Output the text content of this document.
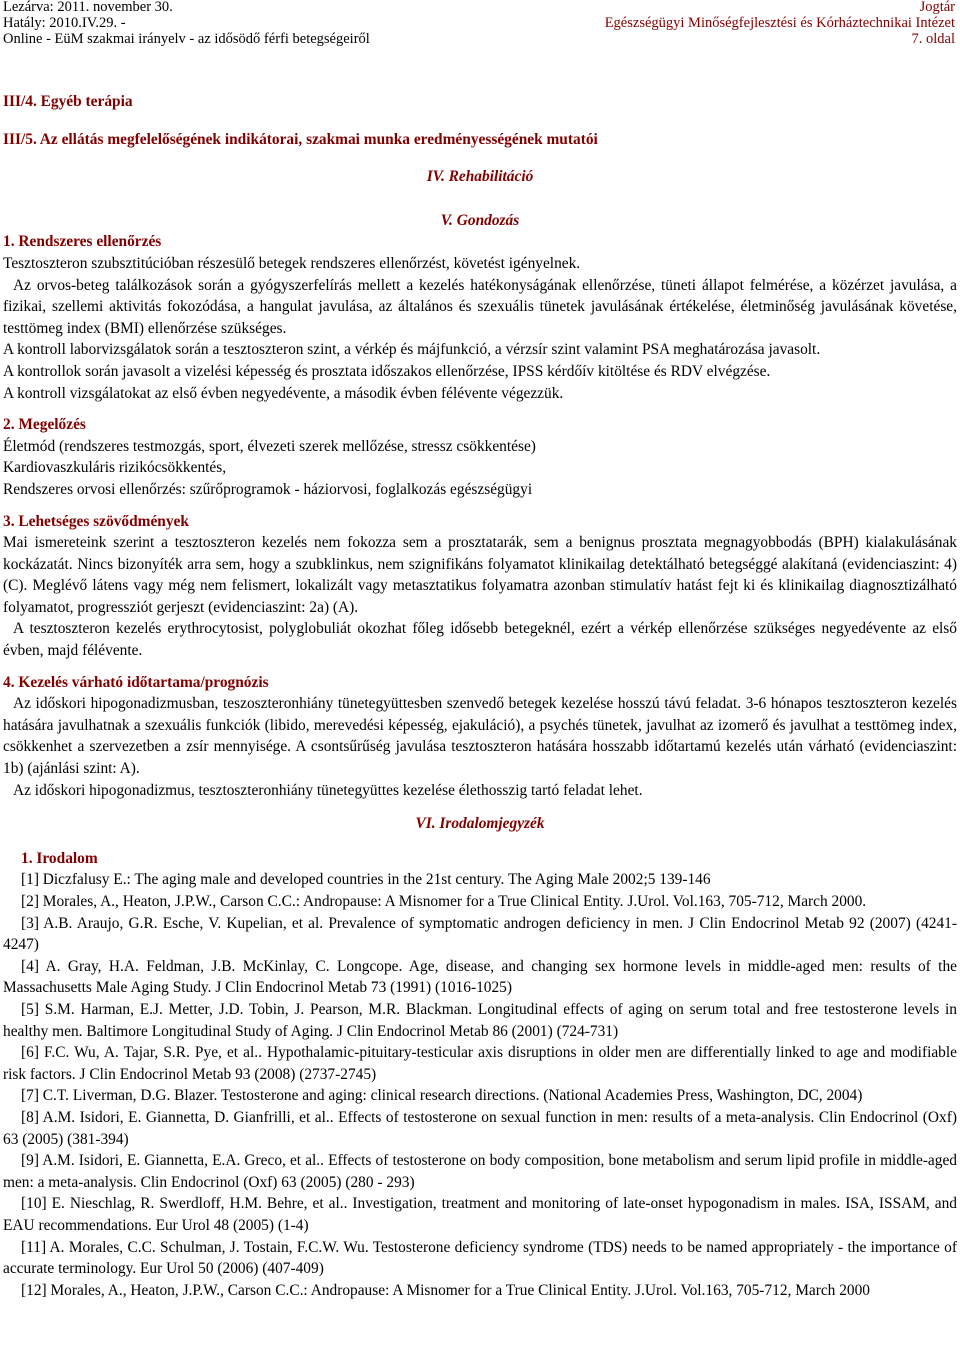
Lezárva: 2011. november 30.
Hatály: 2010.IV.29. -
Online - EüM szakmai irányelv - az idősödő férfi betegségeiről
Jogtár
Egészségügyi Minőségfejlesztési és Kórháztechnikai Intézet
7. oldal

III/4. Egyéb terápia

III/5. Az ellátás megfelelőségének indikátorai, szakmai munka eredményességének mutatói

IV. Rehabilitáció

V. Gondozás

1. Rendszeres ellenőrzés

Tesztoszteron szubsztitúcióban részesülő betegek rendszeres ellenőrzést, követést igényelnek.

Az orvos-beteg találkozások során a gyógyszerfelírás mellett a kezelés hatékonyságának ellenőrzése, tüneti állapot felmérése, a közérzet javulása, a fizikai, szellemi aktivitás fokozódása, a hangulat javulása, az általános és szexuális tünetek javulásának értékelése, életminőség javulásának követése, testtömeg index (BMI) ellenőrzése szükséges.

A kontroll laborvizsgálatok során a tesztoszteron szint, a vérkép és májfunkció, a vérzsír szint valamint PSA meghatározása javasolt.

A kontrollok során javasolt a vizelési képesség és prosztata időszakos ellenőrzése, IPSS kérdőív kitöltése és RDV elvégzése.

A kontroll vizsgálatokat az első évben negyedévente, a második évben félévente végezzük.

2. Megelőzés

Életmód (rendszeres testmozgás, sport, élvezeti szerek mellőzése, stressz csökkentése)

Kardiovaszkuláris rizikócsökkentés,

Rendszeres orvosi ellenőrzés: szűrőprogramok - háziorvosi, foglalkozás egészségügyi

3. Lehetséges szövődmények

Mai ismereteink szerint a tesztoszteron kezelés nem fokozza sem a prosztatarák, sem a benignus prosztata megnagyobbodás (BPH) kialakulásának kockázatát. Nincs bizonyíték arra sem, hogy a szubklinkus, nem szignifikáns folyamatot klinikailag detektálható betegséggé alakítaná (evidenciaszint: 4) (C). Meglévő látens vagy még nem felismert, lokalizált vagy metasztatikus folyamatra azonban stimulatív hatást fejt ki és klinikailag diagnosztizálható folyamatot, progressziót gerjeszt (evidenciaszint: 2a) (A).

A tesztoszteron kezelés erythrocytosist, polyglobuliát okozhat főleg idősebb betegeknél, ezért a vérkép ellenőrzése szükséges negyedévente az első évben, majd félévente.

4. Kezelés várható időtartama/prognózis

Az időskori hipogonadizmusban, teszoszteronhiány tünetegyüttesben szenvedő betegek kezelése hosszú távú feladat. 3-6 hónapos tesztoszteron kezelés hatására javulhatnak a szexuális funkciók (libido, merevedési képesség, ejakuláció), a psychés tünetek, javulhat az izomerő és javulhat a testtömeg index, csökkenhet a szervezetben a zsír mennyisége. A csontsűrűség javulása tesztoszteron hatására hosszabb időtartamú kezelés után várható (evidenciaszint: 1b) (ajánlási szint: A).

Az időskori hipogonadizmus, tesztoszteronhiány tünetegyüttes kezelése élethosszig tartó feladat lehet.

VI. Irodalomjegyzék

1. Irodalom

[1] Diczfalusy E.: The aging male and developed countries in the 21st century. The Aging Male 2002;5 139-146

[2] Morales, A., Heaton, J.P.W., Carson C.C.: Andropause: A Misnomer for a True Clinical Entity. J.Urol. Vol.163, 705-712, March 2000.

[3] A.B. Araujo, G.R. Esche, V. Kupelian, et al. Prevalence of symptomatic androgen deficiency in men. J Clin Endocrinol Metab 92 (2007) (4241-4247)

[4] A. Gray, H.A. Feldman, J.B. McKinlay, C. Longcope. Age, disease, and changing sex hormone levels in middle-aged men: results of the Massachusetts Male Aging Study. J Clin Endocrinol Metab 73 (1991) (1016-1025)

[5] S.M. Harman, E.J. Metter, J.D. Tobin, J. Pearson, M.R. Blackman. Longitudinal effects of aging on serum total and free testosterone levels in healthy men. Baltimore Longitudinal Study of Aging. J Clin Endocrinol Metab 86 (2001) (724-731)

[6] F.C. Wu, A. Tajar, S.R. Pye, et al.. Hypothalamic-pituitary-testicular axis disruptions in older men are differentially linked to age and modifiable risk factors. J Clin Endocrinol Metab 93 (2008) (2737-2745)

[7] C.T. Liverman, D.G. Blazer. Testosterone and aging: clinical research directions. (National Academies Press, Washington, DC, 2004)

[8] A.M. Isidori, E. Giannetta, D. Gianfrilli, et al.. Effects of testosterone on sexual function in men: results of a meta-analysis. Clin Endocrinol (Oxf) 63 (2005) (381-394)

[9] A.M. Isidori, E. Giannetta, E.A. Greco, et al.. Effects of testosterone on body composition, bone metabolism and serum lipid profile in middle-aged men: a meta-analysis. Clin Endocrinol (Oxf) 63 (2005) (280 - 293)

[10] E. Nieschlag, R. Swerdloff, H.M. Behre, et al.. Investigation, treatment and monitoring of late-onset hypogonadism in males. ISA, ISSAM, and EAU recommendations. Eur Urol 48 (2005) (1-4)

[11] A. Morales, C.C. Schulman, J. Tostain, F.C.W. Wu. Testosterone deficiency syndrome (TDS) needs to be named appropriately - the importance of accurate terminology. Eur Urol 50 (2006) (407-409)

[12] Morales, A., Heaton, J.P.W., Carson C.C.: Andropause: A Misnomer for a True Clinical Entity. J.Urol. Vol.163, 705-712, March 2000
